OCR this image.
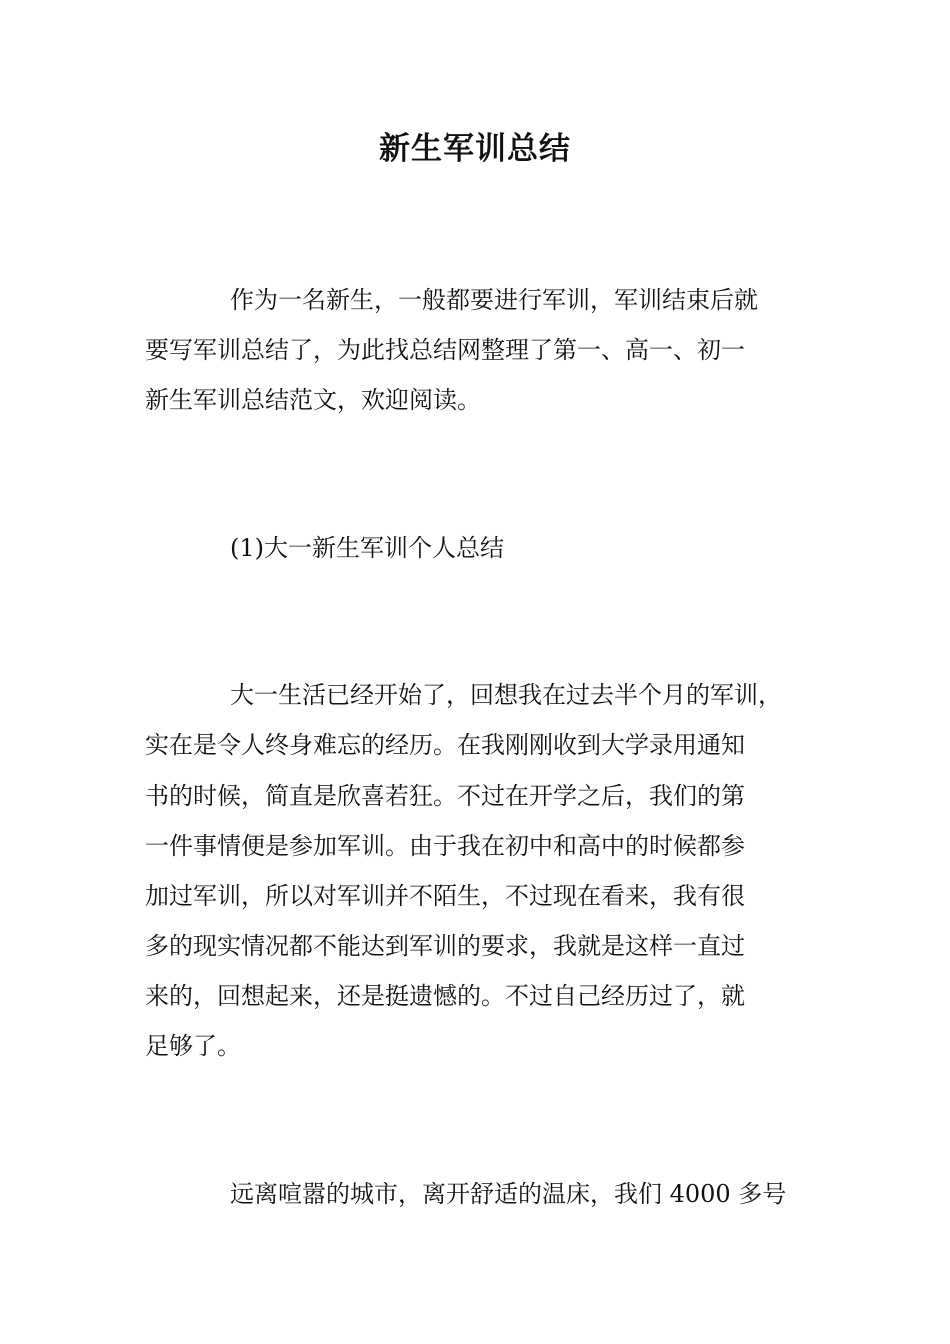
新生军训总结

作为一名新生，一般都要进行军训，军训结束后就

要写军训总结了，为此找总结网整理了第一、高一、初一

新生军训总结范文，欢迎阅读。

(1)大一新生军训个人总结

大一生活已经开始了，回想我在过去半个月的军训，

实在是令人终身难忘的经历。在我刚刚收到大学录用通知

书的时候，简直是欣喜若狂。不过在开学之后，我们的第

一件事情便是参加军训。由于我在初中和高中的时候都参

加过军训，所以对军训并不陌生，不过现在看来，我有很

多的现实情况都不能达到军训的要求，我就是这样一直过

来的，回想起来，还是挺遗憾的。不过自己经历过了，就

足够了。

远离喧嚣的城市，离开舒适的温床，我们 4000 多号
